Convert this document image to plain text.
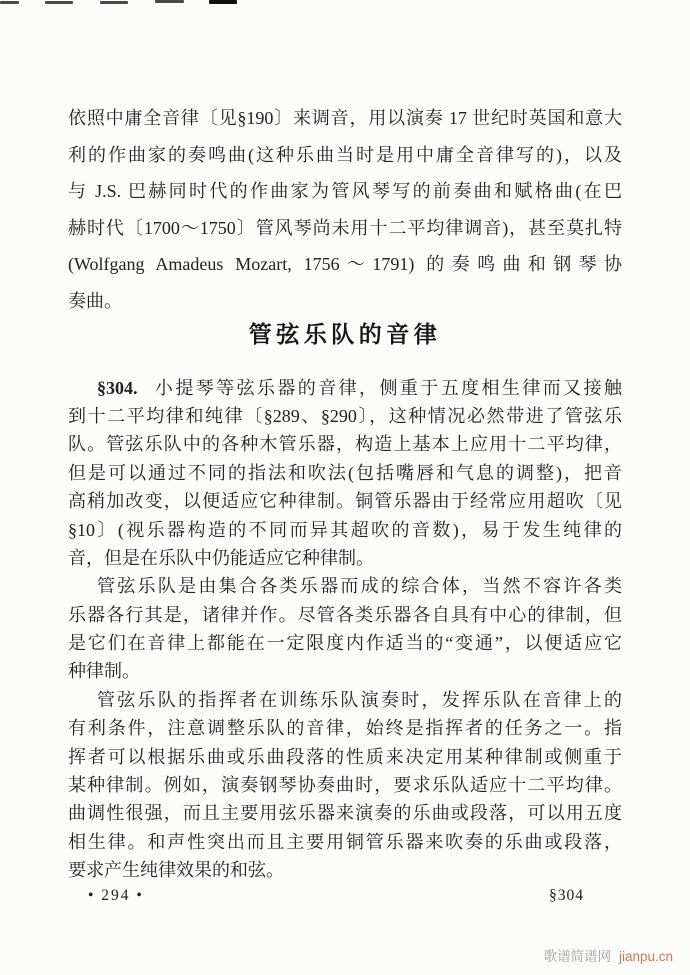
依照中庸全音律〔见§190〕来调音，用以演奏 17 世纪时英国和意大
利的作曲家的奏鸣曲(这种乐曲当时是用中庸全音律写的)，以及
与 J.S. 巴赫同时代的作曲家为管风琴写的前奏曲和赋格曲(在巴
赫时代〔1700～1750〕管风琴尚未用十二平均律调音)，甚至莫扎特
(Wolfgang Amadeus Mozart, 1756～1791) 的奏鸣曲和钢琴协
奏曲。
管弦乐队的音律
§304. 小提琴等弦乐器的音律，侧重于五度相生律而又接触
到十二平均律和纯律〔§289、§290〕，这种情况必然带进了管弦乐
队。管弦乐队中的各种木管乐器，构造上基本上应用十二平均律，
但是可以通过不同的指法和吹法(包括嘴唇和气息的调整)，把音
高稍加改变，以便适应它种律制。铜管乐器由于经常应用超吹〔见
§10〕(视乐器构造的不同而异其超吹的音数)，易于发生纯律的
音，但是在乐队中仍能适应它种律制。
管弦乐队是由集合各类乐器而成的综合体，当然不容许各类
乐器各行其是，诸律并作。尽管各类乐器各自具有中心的律制，但
是它们在音律上都能在一定限度内作适当的“变通”，以便适应它
种律制。
管弦乐队的指挥者在训练乐队演奏时，发挥乐队在音律上的
有利条件，注意调整乐队的音律，始终是指挥者的任务之一。指
挥者可以根据乐曲或乐曲段落的性质来决定用某种律制或侧重于
某种律制。例如，演奏钢琴协奏曲时，要求乐队适应十二平均律。
曲调性很强，而且主要用弦乐器来演奏的乐曲或段落，可以用五度
相生律。和声性突出而且主要用铜管乐器来吹奏的乐曲或段落，
要求产生纯律效果的和弦。
• 294 •	§304
歌谱简谱网 jianpu.cn
